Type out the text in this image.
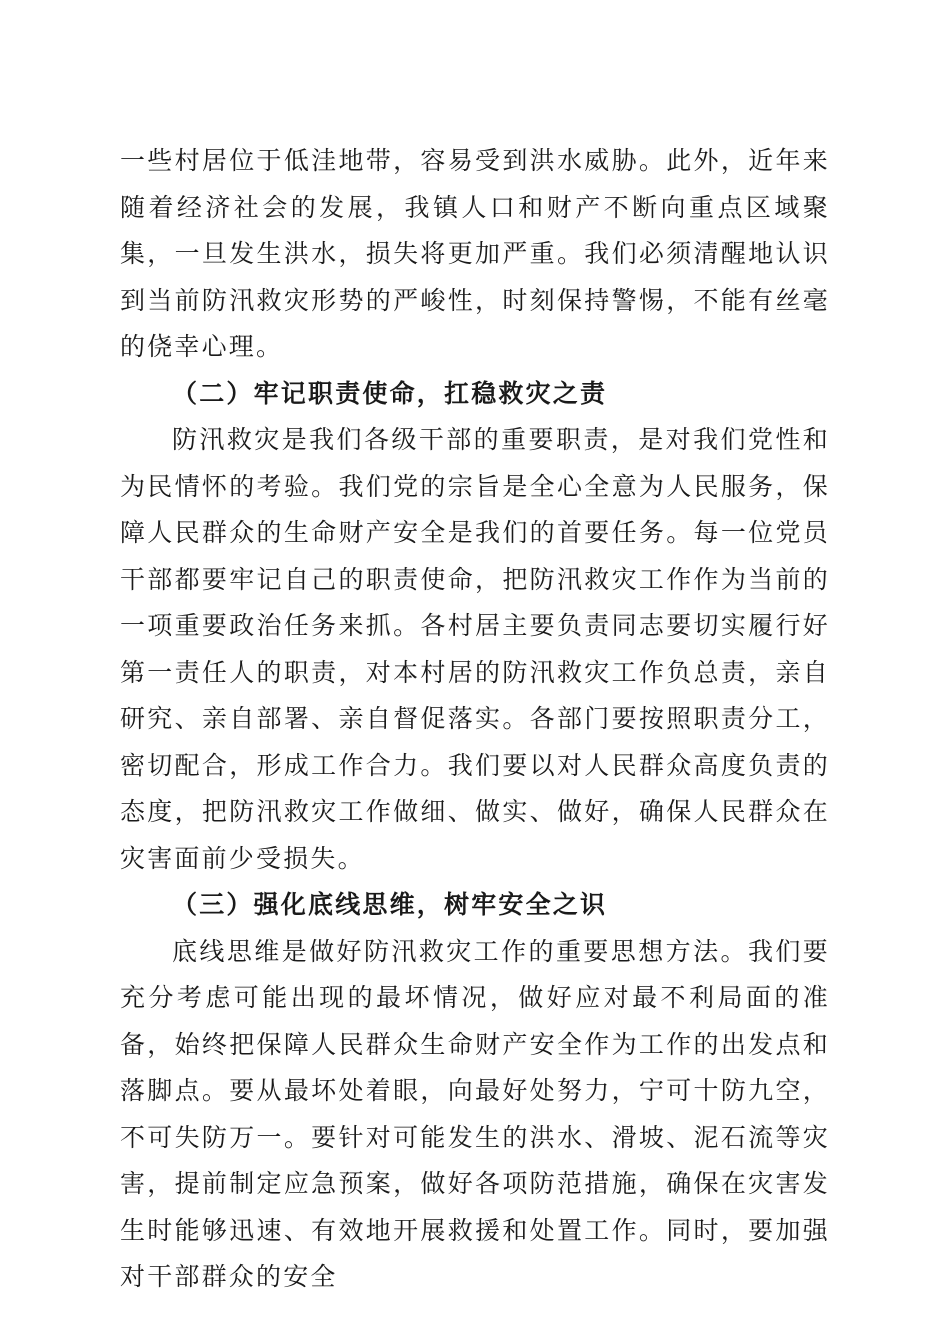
一些村居位于低洼地带，容易受到洪水威胁。此外，近年来随着经济社会的发展，我镇人口和财产不断向重点区域聚集，一旦发生洪水，损失将更加严重。我们必须清醒地认识到当前防汛救灾形势的严峻性，时刻保持警惕，不能有丝毫的侥幸心理。

（二）牢记职责使命，扛稳救灾之责

防汛救灾是我们各级干部的重要职责，是对我们党性和为民情怀的考验。我们党的宗旨是全心全意为人民服务，保障人民群众的生命财产安全是我们的首要任务。每一位党员干部都要牢记自己的职责使命，把防汛救灾工作作为当前的一项重要政治任务来抓。各村居主要负责同志要切实履行好第一责任人的职责，对本村居的防汛救灾工作负总责，亲自研究、亲自部署、亲自督促落实。各部门要按照职责分工，密切配合，形成工作合力。我们要以对人民群众高度负责的态度，把防汛救灾工作做细、做实、做好，确保人民群众在灾害面前少受损失。

（三）强化底线思维，树牢安全之识

底线思维是做好防汛救灾工作的重要思想方法。我们要充分考虑可能出现的最坏情况，做好应对最不利局面的准备，始终把保障人民群众生命财产安全作为工作的出发点和落脚点。要从最坏处着眼，向最好处努力，宁可十防九空，不可失防万一。要针对可能发生的洪水、滑坡、泥石流等灾害，提前制定应急预案，做好各项防范措施，确保在灾害发生时能够迅速、有效地开展救援和处置工作。同时，要加强对干部群众的安全
